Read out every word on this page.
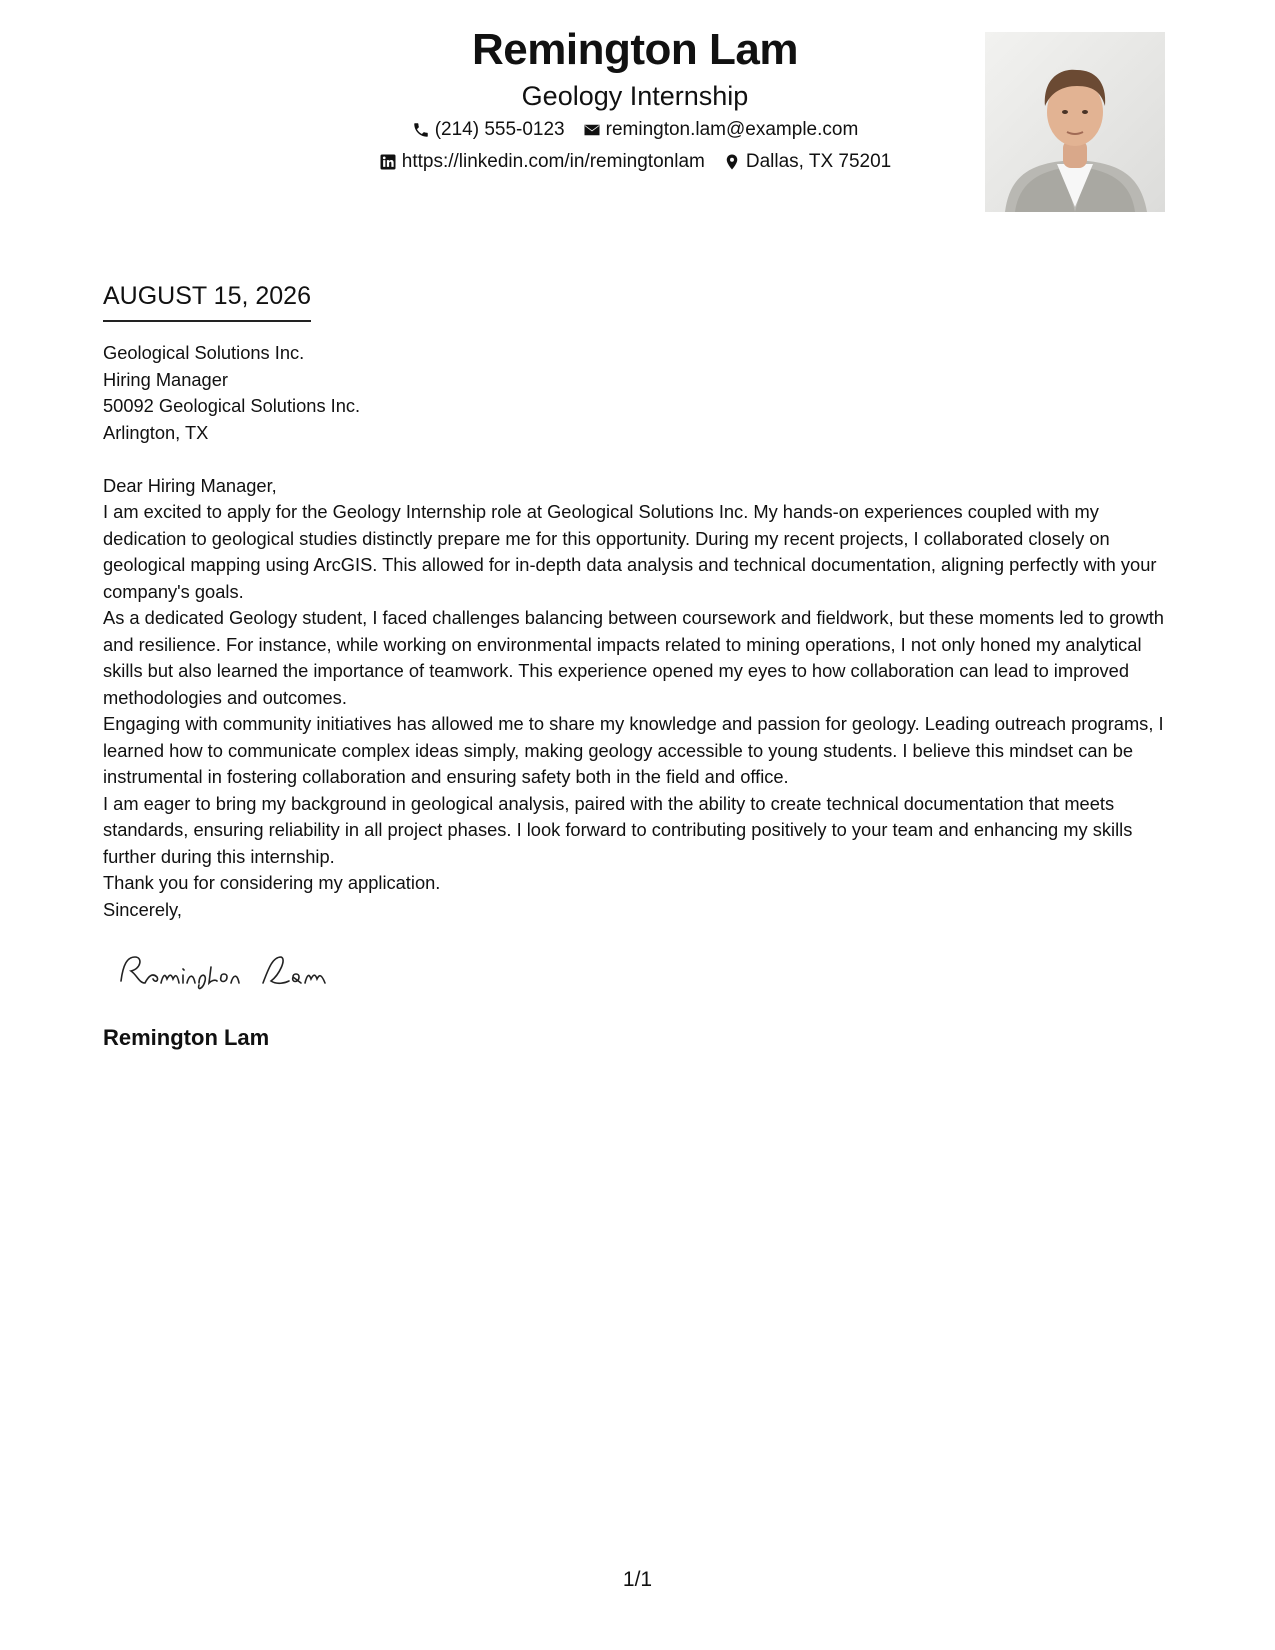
Remington Lam
Geology Internship
(214) 555-0123 remington.lam@example.com
https://linkedin.com/in/remingtonlam Dallas, TX 75201
AUGUST 15, 2026

Geological Solutions Inc.

Hiring Manager

50092 Geological Solutions Inc.

Arlington, TX

Dear Hiring Manager,

I am excited to apply for the Geology Internship role at Geological Solutions Inc. My hands-on experiences coupled with my dedication to geological studies distinctly prepare me for this opportunity. During my recent projects, I collaborated closely on geological mapping using ArcGIS. This allowed for in-depth data analysis and technical documentation, aligning perfectly with your company's goals.

As a dedicated Geology student, I faced challenges balancing between coursework and fieldwork, but these moments led to growth and resilience. For instance, while working on environmental impacts related to mining operations, I not only honed my analytical skills but also learned the importance of teamwork. This experience opened my eyes to how collaboration can lead to improved methodologies and outcomes.

Engaging with community initiatives has allowed me to share my knowledge and passion for geology. Leading outreach programs, I learned how to communicate complex ideas simply, making geology accessible to young students. I believe this mindset can be instrumental in fostering collaboration and ensuring safety both in the field and office.

I am eager to bring my background in geological analysis, paired with the ability to create technical documentation that meets standards, ensuring reliability in all project phases. I look forward to contributing positively to your team and enhancing my skills further during this internship.

Thank you for considering my application.

Sincerely,

Remington Lam
1/1
